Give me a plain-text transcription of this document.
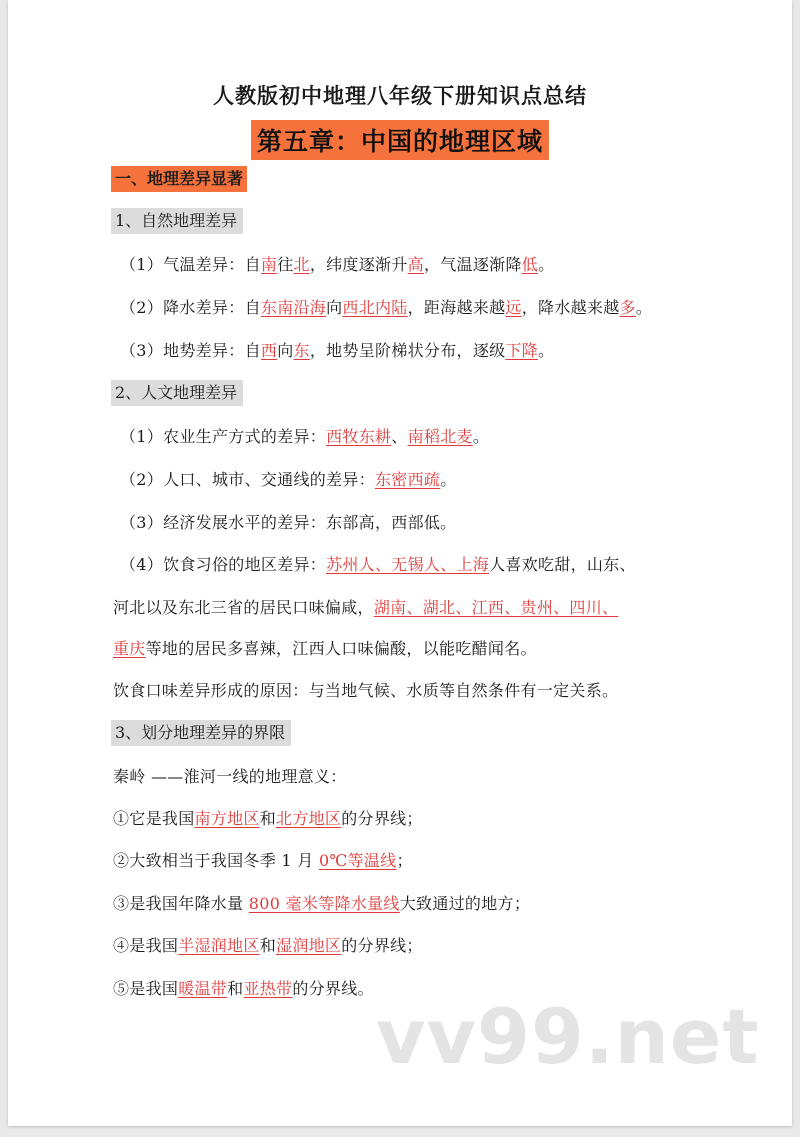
人教版初中地理八年级下册知识点总结
第五章：中国的地理区域
一、地理差异显著
1、自然地理差异
（1）气温差异：自南往北，纬度逐渐升高，气温逐渐降低。
（2）降水差异：自东南沿海向西北内陆，距海越来越远，降水越来越多。
（3）地势差异：自西向东，地势呈阶梯状分布，逐级下降。
2、人文地理差异
（1）农业生产方式的差异：西牧东耕、南稻北麦。
（2）人口、城市、交通线的差异：东密西疏。
（3）经济发展水平的差异：东部高，西部低。
（4）饮食习俗的地区差异：苏州人、无锡人、上海人喜欢吃甜，山东、
河北以及东北三省的居民口味偏咸，湖南、湖北、江西、贵州、四川、
重庆等地的居民多喜辣，江西人口味偏酸，以能吃醋闻名。
饮食口味差异形成的原因：与当地气候、水质等自然条件有一定关系。
3、划分地理差异的界限
秦岭 ——淮河一线的地理意义：
①它是我国南方地区和北方地区的分界线；
②大致相当于我国冬季 1 月 0℃等温线；
③是我国年降水量 800 毫米等降水量线大致通过的地方；
④是我国半湿润地区和湿润地区的分界线；
⑤是我国暖温带和亚热带的分界线。
vv99.net
